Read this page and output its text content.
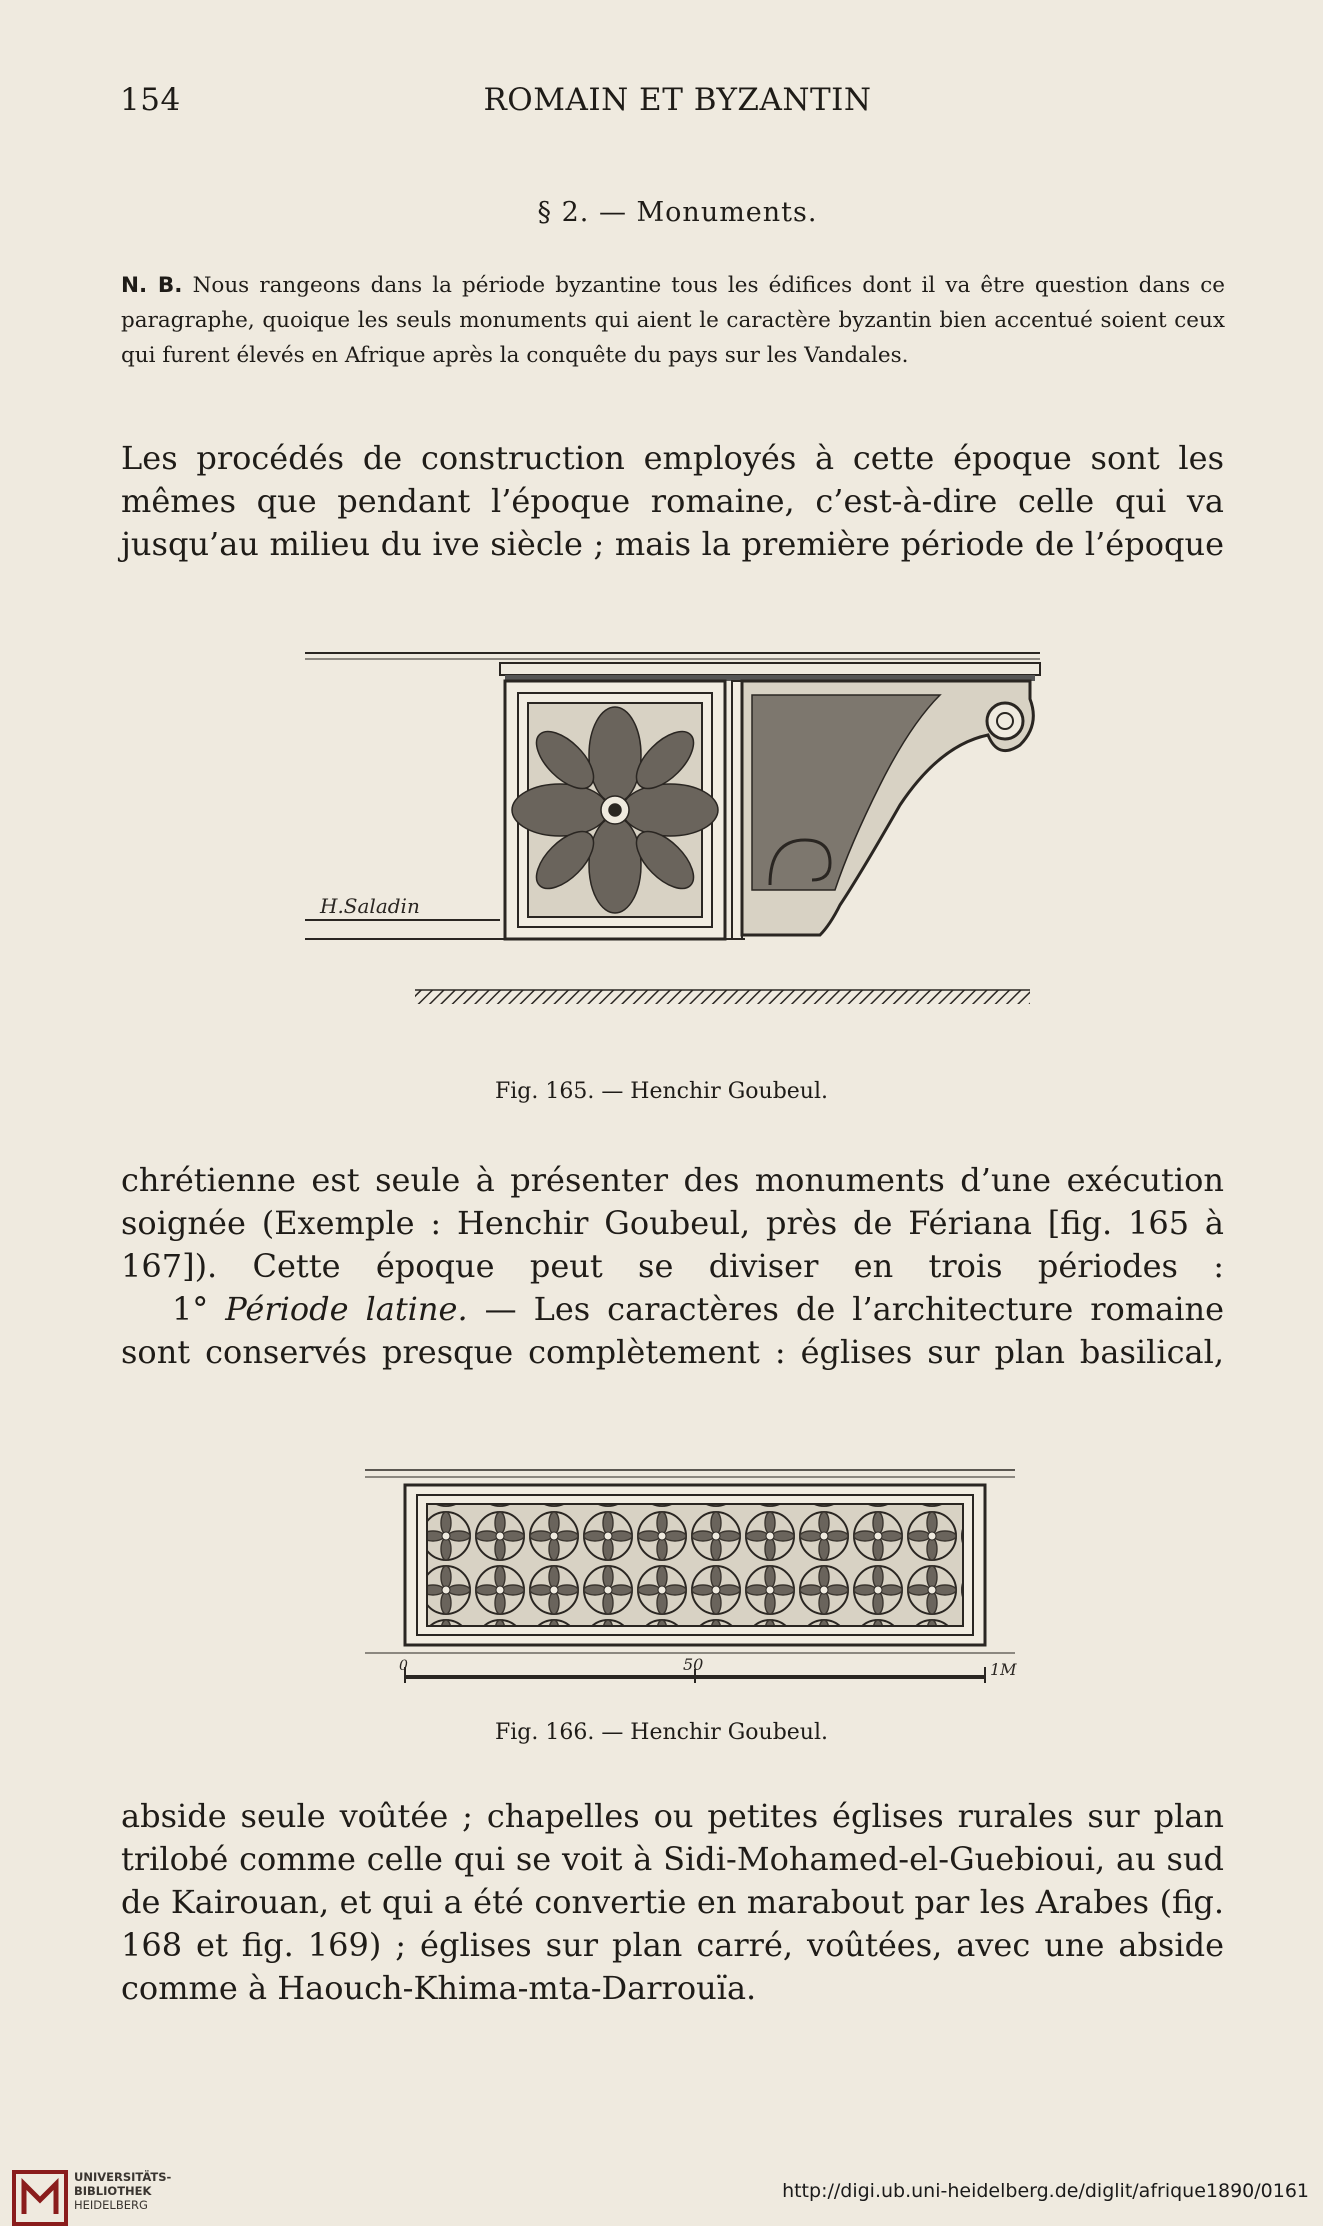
154	ROMAIN ET BYZANTIN
§ 2. — Monuments.
N. B. Nous rangeons dans la période byzantine tous les édifices dont il va être question dans ce paragraphe, quoique les seuls monuments qui aient le caractère byzantin bien accentué soient ceux qui furent élevés en Afrique après la conquête du pays sur les Vandales.
Les procédés de construction employés à cette époque sont les mêmes que pendant l’époque romaine, c’est-à-dire celle qui va jusqu’au milieu du ive siècle ; mais la première période de l’époque
H.Saladin
Fig. 165. — Henchir Goubeul.
chrétienne est seule à présenter des monuments d’une exécution soignée (Exemple : Henchir Goubeul, près de Fériana [fig. 165 à 167]). Cette époque peut se diviser en trois périodes :
1° Période latine. — Les caractères de l’architecture romaine sont conservés presque complètement : églises sur plan basilical,
0	50	1M
Fig. 166. — Henchir Goubeul.
abside seule voûtée ; chapelles ou petites églises rurales sur plan trilobé comme celle qui se voit à Sidi-Mohamed-el-Guebioui, au sud de Kairouan, et qui a été convertie en marabout par les Arabes (fig. 168 et fig. 169) ; églises sur plan carré, voûtées, avec une abside comme à Haouch-Khima-mta-Darrouïa.
UNIVERSITÄTS-
BIBLIOTHEK
HEIDELBERG
http://digi.ub.uni-heidelberg.de/diglit/afrique1890/0161
